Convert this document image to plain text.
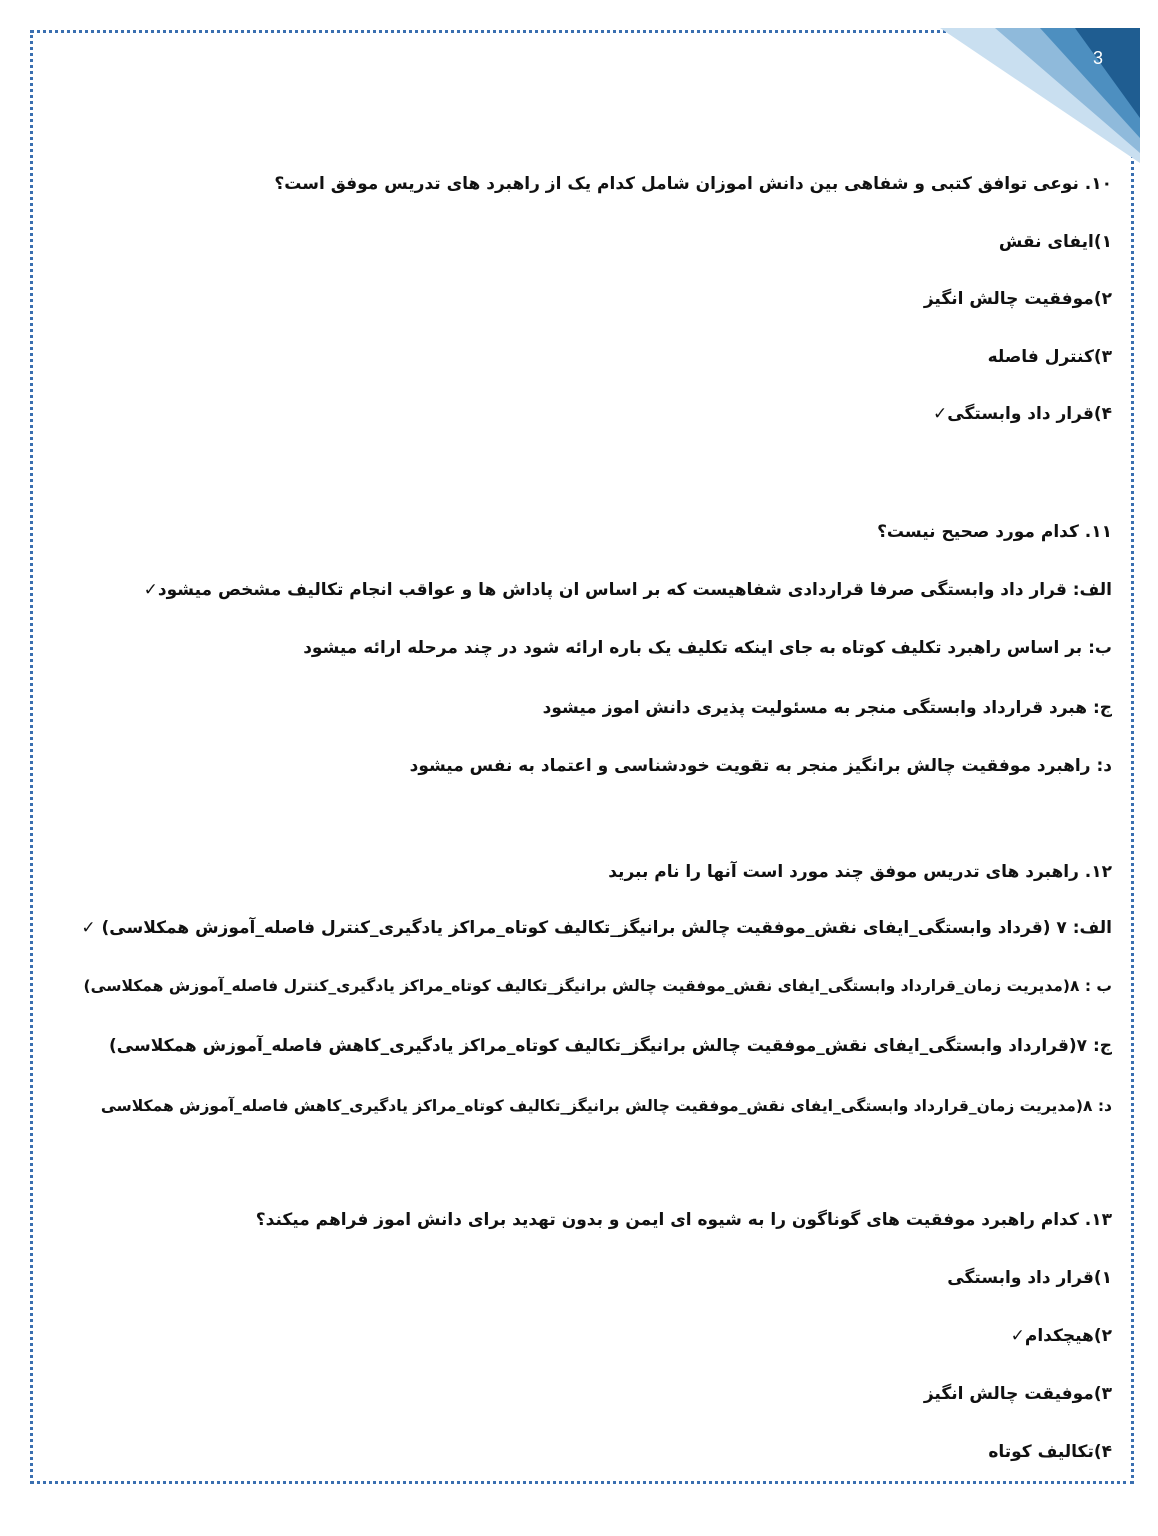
3
۱۰. نوعی توافق کتبی و شفاهی بین دانش اموزان شامل کدام یک از راهبرد های تدریس موفق است؟
۱)ایفای نقش
۲)موفقیت چالش انگیز
۳)کنترل فاصله
۴)قرار داد وابستگی✓
۱۱. کدام مورد صحیح نیست؟
الف: قرار داد وابستگی صرفا قراردادی شفاهیست که بر اساس ان پاداش ها و عواقب انجام تکالیف مشخص میشود✓
ب: بر اساس راهبرد تکلیف کوتاه به جای اینکه تکلیف یک باره ارائه شود در چند مرحله ارائه میشود
ج: هبرد قرارداد وابستگی منجر به مسئولیت پذیری دانش اموز میشود
د: راهبرد موفقیت چالش برانگیز منجر به تقویت خودشناسی و اعتماد به نفس میشود
۱۲. راهبرد های تدریس موفق چند مورد است آنها را نام ببرید
الف: ۷ (قرداد وابستگی_ایفای نقش_موفقیت چالش برانیگز_تکالیف کوتاه_مراکز یادگیری_کنترل فاصله_آموزش همکلاسی) ✓
ب : ۸(مدیریت زمان_قرارداد وابستگی_ایفای نقش_موفقیت چالش برانیگز_تکالیف کوتاه_مراکز یادگیری_کنترل فاصله_آموزش همکلاسی)
ج: ۷(قرارداد وابستگی_ایفای نقش_موفقیت چالش برانیگز_تکالیف کوتاه_مراکز یادگیری_کاهش فاصله_آموزش همکلاسی)
د: ۸(مدیریت زمان_قرارداد وابستگی_ایفای نقش_موفقیت چالش برانیگز_تکالیف کوتاه_مراکز یادگیری_کاهش فاصله_آموزش همکلاسی
۱۳. کدام راهبرد موفقیت های گوناگون را به شیوه ای ایمن و بدون تهدید برای دانش اموز فراهم میکند؟
۱)قرار داد وابستگی
۲)هیچکدام✓
۳)موفیقت چالش انگیز
۴)تکالیف کوتاه
